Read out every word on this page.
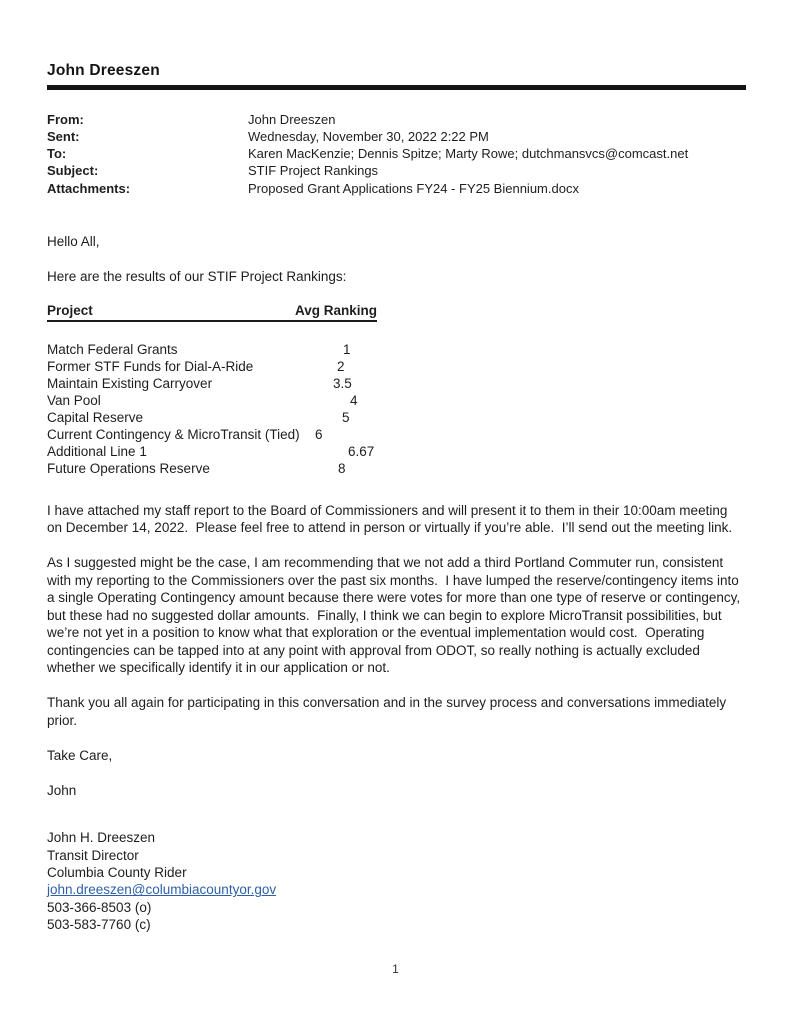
John Dreeszen
From:	John Dreeszen
Sent:	Wednesday, November 30, 2022 2:22 PM
To:	Karen MacKenzie; Dennis Spitze; Marty Rowe; dutchmansvcs@comcast.net
Subject:	STIF Project Rankings
Attachments:	Proposed Grant Applications FY24 - FY25 Biennium.docx

Hello All,

Here are the results of our STIF Project Rankings:

Project	Avg Ranking
Match Federal Grants	1
Former STF Funds for Dial-A-Ride	2
Maintain Existing Carryover	3.5
Van Pool	4
Capital Reserve	5
Current Contingency & MicroTransit (Tied)	6
Additional Line 1	6.67
Future Operations Reserve	8

I have attached my staff report to the Board of Commissioners and will present it to them in their 10:00am meeting on December 14, 2022.  Please feel free to attend in person or virtually if you’re able.  I’ll send out the meeting link.

As I suggested might be the case, I am recommending that we not add a third Portland Commuter run, consistent with my reporting to the Commissioners over the past six months.  I have lumped the reserve/contingency items into a single Operating Contingency amount because there were votes for more than one type of reserve or contingency, but these had no suggested dollar amounts.  Finally, I think we can begin to explore MicroTransit possibilities, but we’re not yet in a position to know what that exploration or the eventual implementation would cost.  Operating contingencies can be tapped into at any point with approval from ODOT, so really nothing is actually excluded whether we specifically identify it in our application or not.

Thank you all again for participating in this conversation and in the survey process and conversations immediately prior.

Take Care,

John

John H. Dreeszen

Transit Director

Columbia County Rider

john.dreeszen@columbiacountyor.gov

503-366-8503 (o)

503-583-7760 (c)

1
